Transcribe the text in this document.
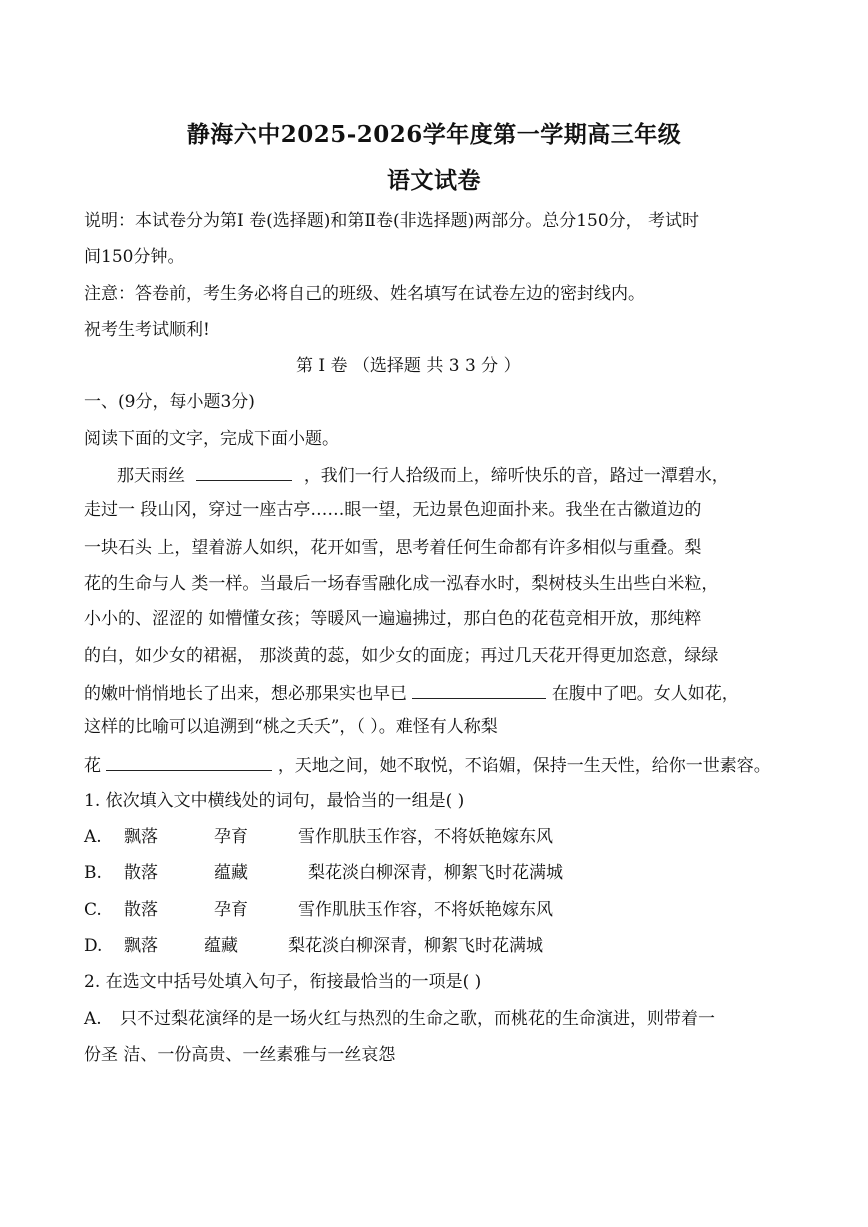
静海六中2025-2026学年度第一学期高三年级
语文试卷
说明：本试卷分为第I 卷(选择题)和第Ⅱ卷(非选择题)两部分。总分150分， 考试时
间150分钟。
注意：答卷前，考生务必将自己的班级、姓名填写在试卷左边的密封线内。
祝考生考试顺利!
第 I 卷 （选择题 共 3 3 分 ）
一、(9分，每小题3分)
阅读下面的文字，完成下面小题。
那天雨丝	，我们一行人拾级而上，缔听快乐的音，路过一潭碧水，
走过一 段山冈，穿过一座古亭……眼一望，无边景色迎面扑来。我坐在古徽道边的
一块石头 上，望着游人如织，花开如雪，思考着任何生命都有许多相似与重叠。梨
花的生命与人 类一样。当最后一场春雪融化成一泓春水时，梨树枝头生出些白米粒，
小小的、涩涩的 如懵懂女孩；等暖风一遍遍拂过，那白色的花苞竞相开放，那纯粹
的白，如少女的裙裾， 那淡黄的蕊，如少女的面庞；再过几天花开得更加恣意，绿绿
的嫩叶悄悄地长了出来，想必那果实也早已	在腹中了吧。女人如花，
这样的比喻可以追溯到“桃之夭夭”，（ ）。难怪有人称梨
花	，天地之间，她不取悦，不谄媚，保持一生天性，给你一世素容。
1. 依次填入文中横线处的词句，最恰当的一组是( )
A. 飘落	孕育	雪作肌肤玉作容，不将妖艳嫁东风
B. 散落	蕴藏	梨花淡白柳深青，柳絮飞时花满城
C. 散落	孕育	雪作肌肤玉作容，不将妖艳嫁东风
D. 飘落	蕴藏	梨花淡白柳深青，柳絮飞时花满城
2. 在选文中括号处填入句子，衔接最恰当的一项是( )
A. 只不过梨花演绎的是一场火红与热烈的生命之歌，而桃花的生命演进，则带着一
份圣 洁、一份高贵、一丝素雅与一丝哀怨
